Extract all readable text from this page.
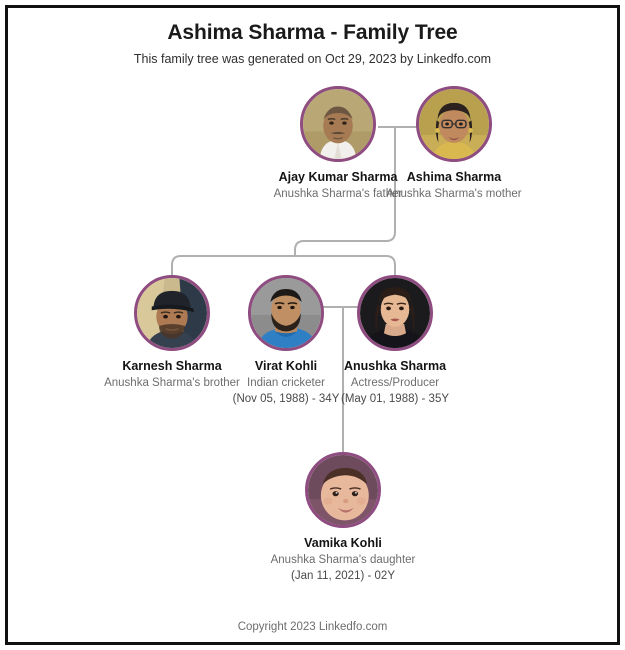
Ashima Sharma - Family Tree
This family tree was generated on Oct 29, 2023 by Linkedfo.com
Ajay Kumar Sharma
Anushka Sharma's father
Ashima Sharma
Anushka Sharma's mother
Karnesh Sharma
Anushka Sharma's brother
Virat Kohli
Indian cricketer
(Nov 05, 1988) - 34Y
Anushka Sharma
Actress/Producer
(May 01, 1988) - 35Y
Vamika Kohli
Anushka Sharma's daughter
(Jan 11, 2021) - 02Y
Copyright 2023 Linkedfo.com
